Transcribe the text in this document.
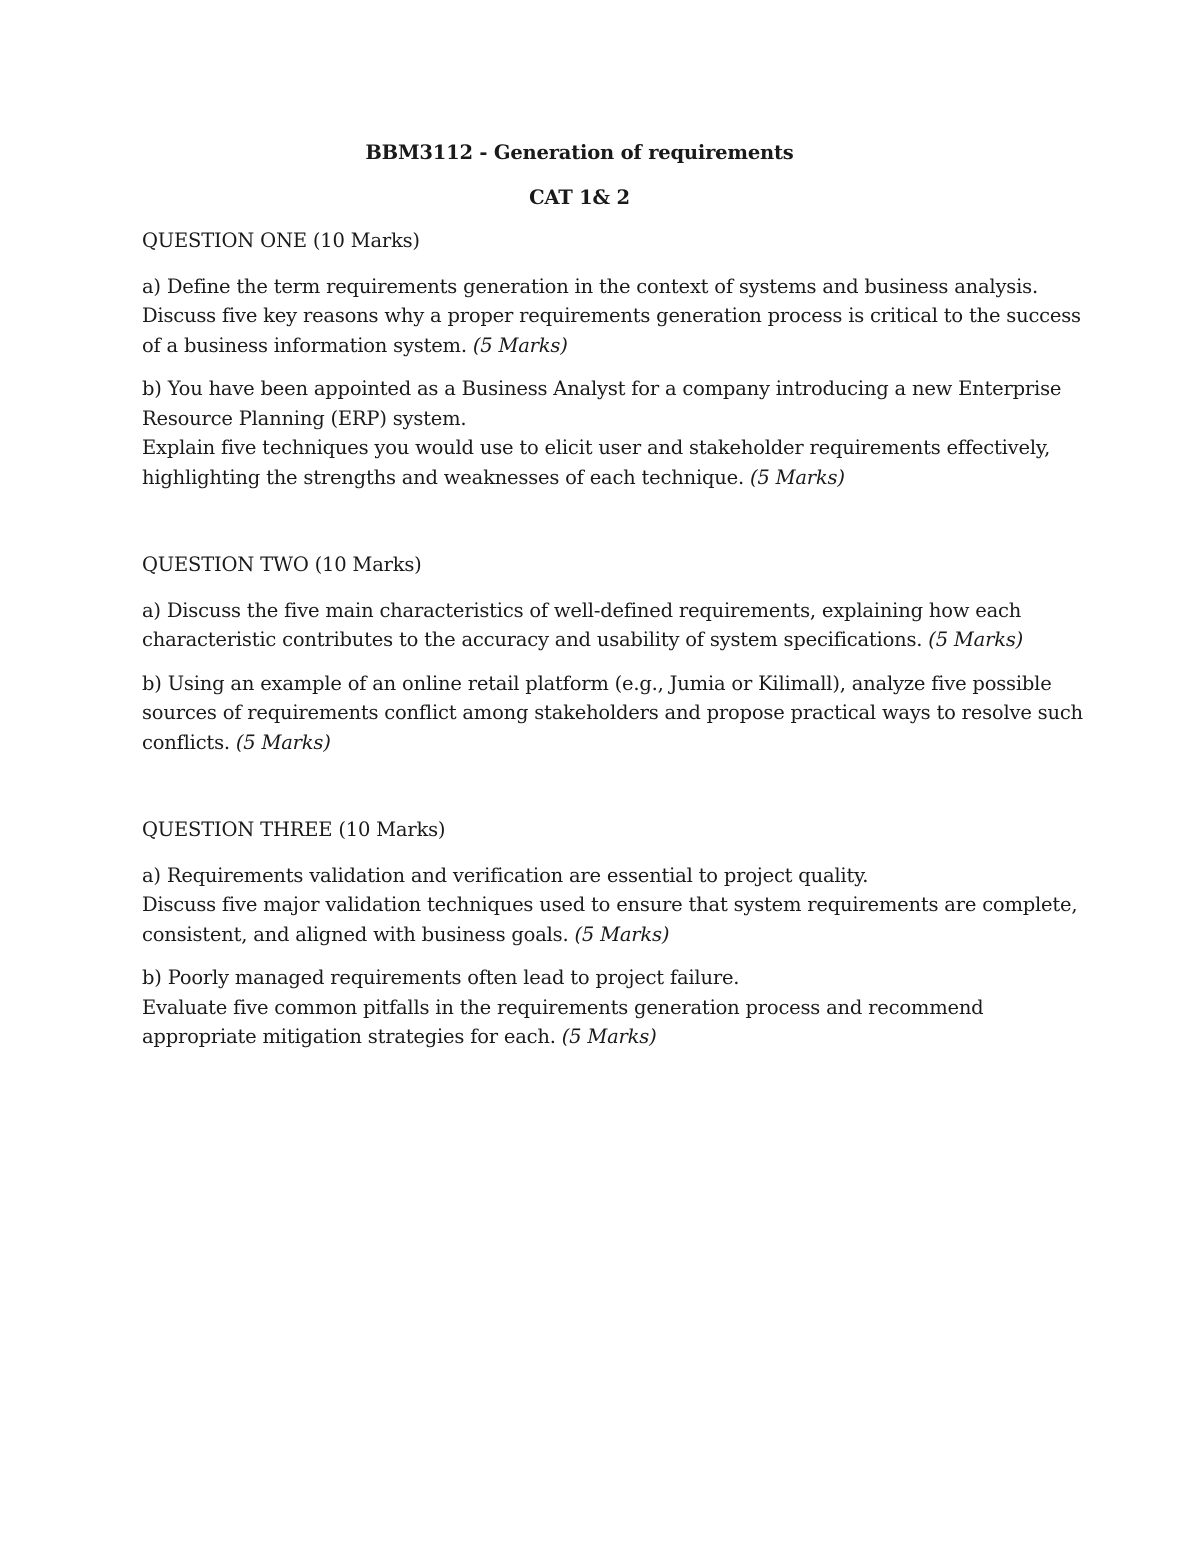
BBM3112 - Generation of requirements
CAT 1& 2
QUESTION ONE (10 Marks)
a) Define the term requirements generation in the context of systems and business analysis.
Discuss five key reasons why a proper requirements generation process is critical to the success
of a business information system. (5 Marks)
b) You have been appointed as a Business Analyst for a company introducing a new Enterprise
Resource Planning (ERP) system.
Explain five techniques you would use to elicit user and stakeholder requirements effectively,
highlighting the strengths and weaknesses of each technique. (5 Marks)
QUESTION TWO (10 Marks)
a) Discuss the five main characteristics of well-defined requirements, explaining how each
characteristic contributes to the accuracy and usability of system specifications. (5 Marks)
b) Using an example of an online retail platform (e.g., Jumia or Kilimall), analyze five possible
sources of requirements conflict among stakeholders and propose practical ways to resolve such
conflicts. (5 Marks)
QUESTION THREE (10 Marks)
a) Requirements validation and verification are essential to project quality.
Discuss five major validation techniques used to ensure that system requirements are complete,
consistent, and aligned with business goals. (5 Marks)
b) Poorly managed requirements often lead to project failure.
Evaluate five common pitfalls in the requirements generation process and recommend
appropriate mitigation strategies for each. (5 Marks)
